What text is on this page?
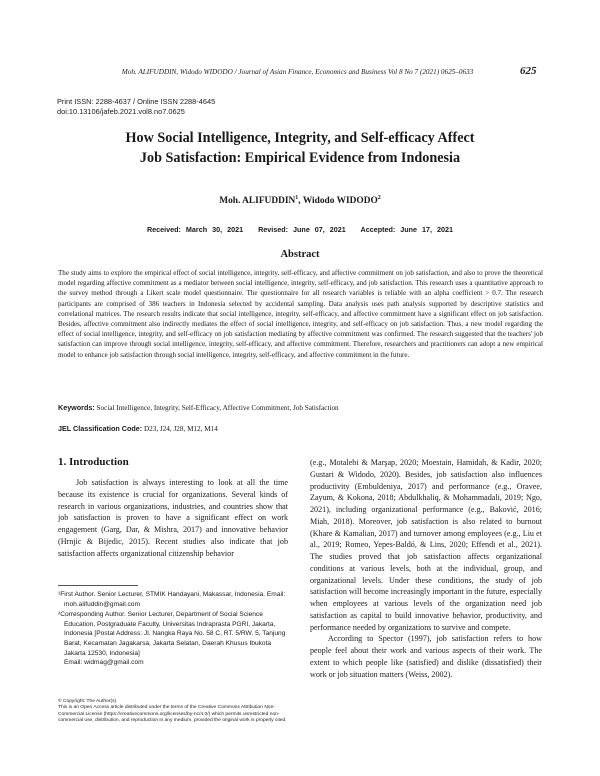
Moh. ALIFUDDIN, Widodo WIDODO / Journal of Asian Finance, Economics and Business Vol 8 No 7 (2021) 0625–0633	625
Print ISSN: 2288-4637 / Online ISSN 2288-4645
doi:10.13106/jafeb.2021.vol8.no7.0625
How Social Intelligence, Integrity, and Self-efficacy Affect
Job Satisfaction: Empirical Evidence from Indonesia
Moh. ALIFUDDIN$^1$, Widodo WIDODO$^2$
Received: March 30, 2021 Revised: June 07, 2021 Accepted: June 17, 2021
Abstract
The study aims to explore the empirical effect of social intelligence, integrity, self-efficacy, and affective commitment on job satisfaction, and also to prove the theoretical model regarding affective commitment as a mediator between social intelligence, integrity, self-efficacy, and job satisfaction. This research uses a quantitative approach to the survey method through a Likert scale model questionnaire. The questionnaire for all research variables is reliable with an alpha coefficient > 0.7. The research participants are comprised of 386 teachers in Indonesia selected by accidental sampling. Data analysis uses path analysis supported by descriptive statistics and correlational matrices. The research results indicate that social intelligence, integrity, self-efficacy, and affective commitment have a significant effect on job satisfaction. Besides, affective commitment also indirectly mediates the effect of social intelligence, integrity, and self-efficacy on job satisfaction. Thus, a new model regarding the effect of social intelligence, integrity, and self-efficacy on job satisfaction mediating by affective commitment was confirmed. The research suggested that the teachers' job satisfaction can improve through social intelligence, integrity, self-efficacy, and affective commitment. Therefore, researchers and practitioners can adopt a new empirical model to enhance job satisfaction through social intelligence, integrity, self-efficacy, and affective commitment in the future.
Keywords: Social Intelligence, Integrity, Self-Efficacy, Affective Commitment, Job Satisfaction
JEL Classification Code: D23, J24, J28, M12, M14
1. Introduction
Job satisfaction is always interesting to look at all the time because its existence is crucial for organizations. Several kinds of research in various organizations, industries, and countries show that job satisfaction is proven to have a significant effect on work engagement (Garg, Dar, & Mishra, 2017) and innovative behavior (Hrnjic & Bijedic, 2015). Recent studies also indicate that job satisfaction affects organizational citizenship behavior

(e.g., Motalebi & Marşap, 2020; Moestain, Hamidah, & Kadir, 2020; Gustari & Widodo, 2020). Besides, job satisfaction also influences productivity (Embuldeniya, 2017) and performance (e.g., Oravee, Zayum, & Kokona, 2018; Abdulkhaliq, & Mohammadali, 2019; Ngo, 2021), including organizational performance (e.g., Baković, 2016; Miah, 2018). Moreover, job satisfaction is also related to burnout (Khare & Kamalian, 2017) and turnover among employees (e.g., Liu et al., 2019; Romeo, Yepes-Baldó, & Lins, 2020; Effendi et al., 2021). The studies proved that job satisfaction affects organizational conditions at various levels, both at the individual, group, and organizational levels. Under these conditions, the study of job satisfaction will become increasingly important in the future, especially when employees at various levels of the organization need job satisfaction as capital to build innovative behavior, productivity, and performance needed by organizations to survive and compete.

According to Spector (1997), job satisfaction refers to how people feel about their work and various aspects of their work. The extent to which people like (satisfied) and dislike (dissatisfied) their work or job situation matters (Weiss, 2002).

¹First Author. Senior Lecturer, STMIK Handayani, Makassar, Indonesia. Email: moh.alifuddin@gmail.com

²Corresponding Author. Senior Lecturer, Department of Social Science Education, Postgraduate Faculty, Universitas Indraprasta PGRI, Jakarta, Indonesia [Postal Address: Jl. Nangka Raya No. 58 C, RT. 5/RW. 5, Tanjung Barat, Kecamatan Jagakarsa, Jakarta Selatan, Daerah Khusus Ibukota Jakarta 12530, Indonesia]

Email: widmag@gmail.com

© Copyright: The Author(s)
This is an Open Access article distributed under the terms of the Creative Commons Attribution Non-Commercial License (https://creativecommons.org/licenses/by-nc/4.0/) which permits unrestricted non-commercial use, distribution, and reproduction in any medium, provided the original work is properly cited.
